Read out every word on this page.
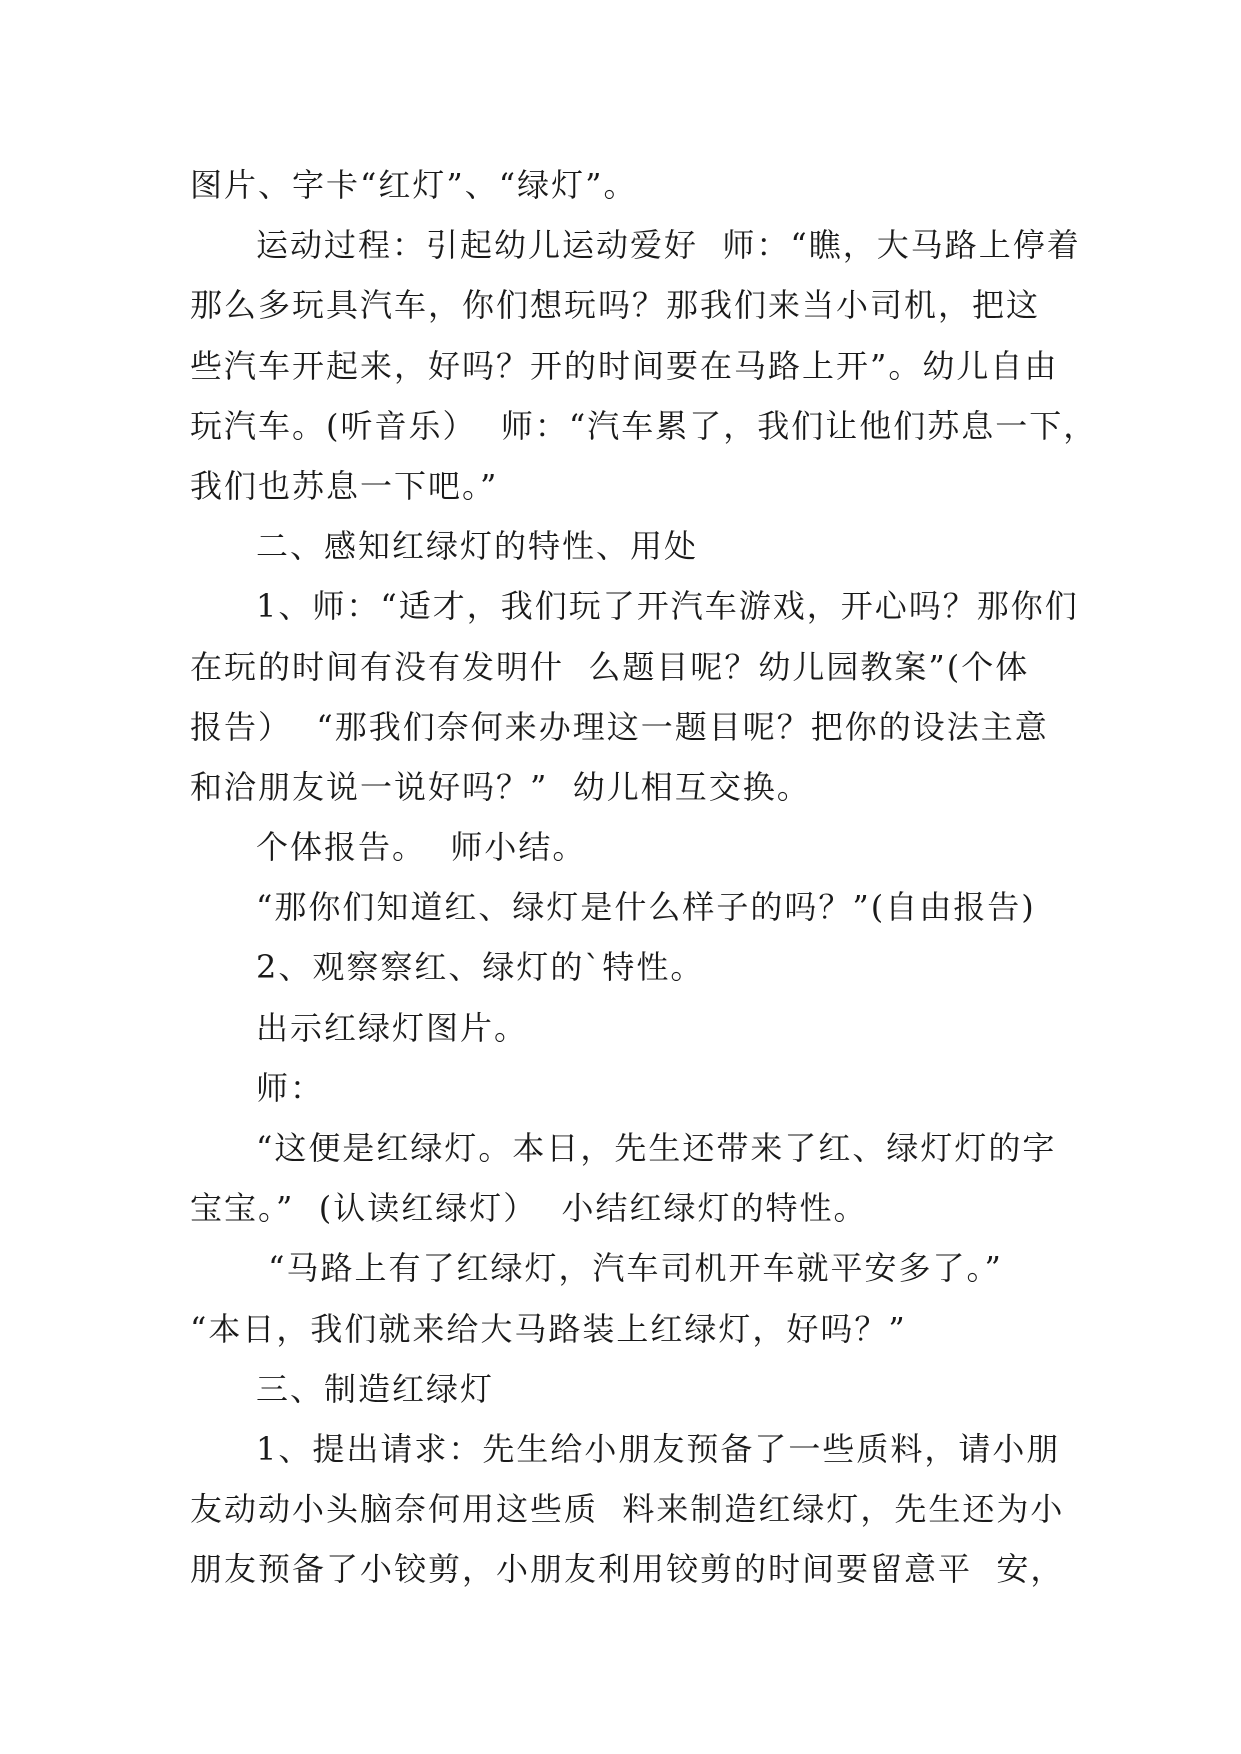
图片、字卡“红灯”、“绿灯”。
运动过程：引起幼儿运动爱好  师：“瞧，大马路上停着
那么多玩具汽车，你们想玩吗？那我们来当小司机，把这
些汽车开起来，好吗？开的时间要在马路上开”。幼儿自由
玩汽车。(听音乐）  师：“汽车累了，我们让他们苏息一下，
我们也苏息一下吧。”
二、感知红绿灯的特性、用处
1、师：“适才，我们玩了开汽车游戏，开心吗？那你们
在玩的时间有没有发明什  么题目呢？幼儿园教案”(个体
报告）  “那我们奈何来办理这一题目呢？把你的设法主意
和洽朋友说一说好吗？”  幼儿相互交换。
个体报告。  师小结。
“那你们知道红、绿灯是什么样子的吗？”(自由报告)
2、观察察红、绿灯的`特性。
出示红绿灯图片。
师：
“这便是红绿灯。本日，先生还带来了红、绿灯灯的字
宝宝。”  (认读红绿灯）  小结红绿灯的特性。
“马路上有了红绿灯，汽车司机开车就平安多了。”
“本日，我们就来给大马路装上红绿灯，好吗？”
三、制造红绿灯
1、提出请求：先生给小朋友预备了一些质料，请小朋
友动动小头脑奈何用这些质  料来制造红绿灯，先生还为小
朋友预备了小铰剪，小朋友利用铰剪的时间要留意平  安，
